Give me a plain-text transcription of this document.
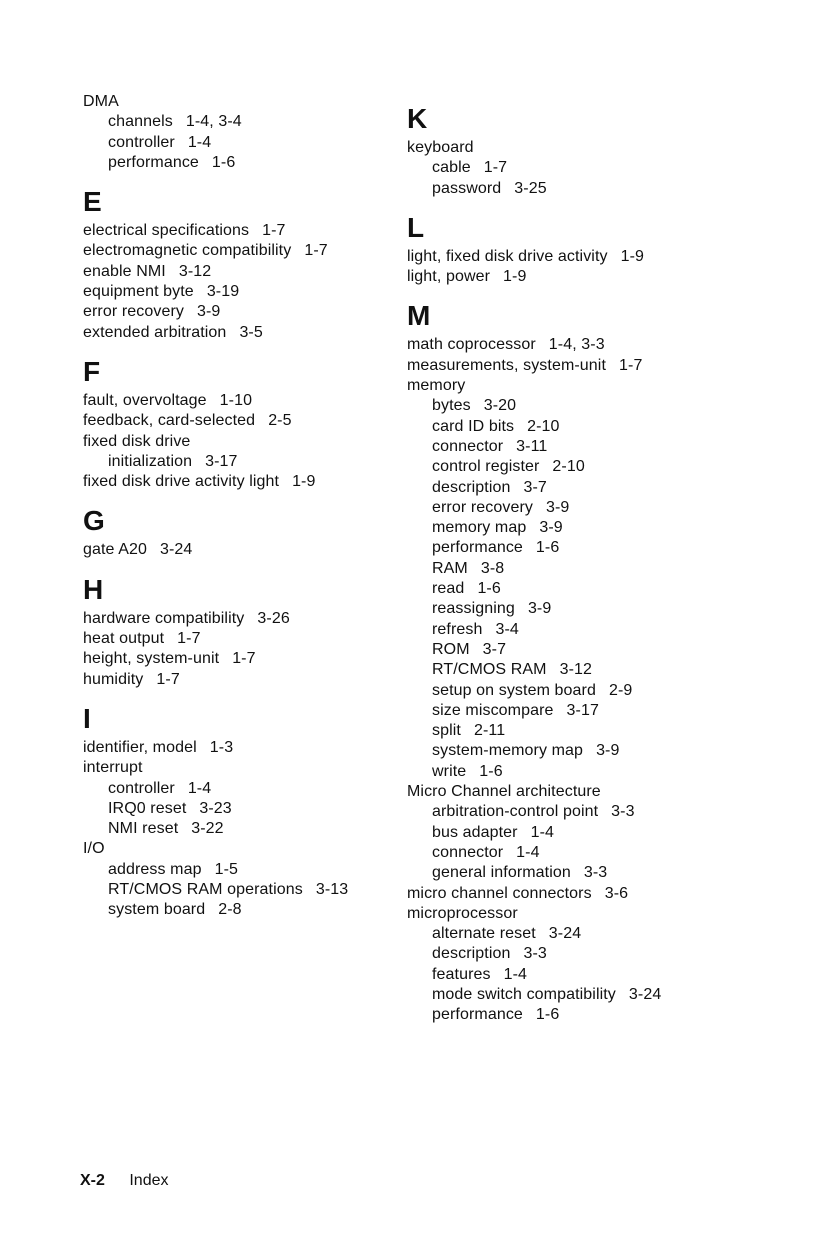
DMA
channels 1-4, 3-4
controller 1-4
performance 1-6
E
electrical specifications 1-7
electromagnetic compatibility 1-7
enable NMI 3-12
equipment byte 3-19
error recovery 3-9
extended arbitration 3-5
F
fault, overvoltage 1-10
feedback, card-selected 2-5
fixed disk drive
initialization 3-17
fixed disk drive activity light 1-9
G
gate A20 3-24
H
hardware compatibility 3-26
heat output 1-7
height, system-unit 1-7
humidity 1-7
I
identifier, model 1-3
interrupt
controller 1-4
IRQ0 reset 3-23
NMI reset 3-22
I/O
address map 1-5
RT/CMOS RAM operations 3-13
system board 2-8
K
keyboard
cable 1-7
password 3-25
L
light, fixed disk drive activity 1-9
light, power 1-9
M
math coprocessor 1-4, 3-3
measurements, system-unit 1-7
memory
bytes 3-20
card ID bits 2-10
connector 3-11
control register 2-10
description 3-7
error recovery 3-9
memory map 3-9
performance 1-6
RAM 3-8
read 1-6
reassigning 3-9
refresh 3-4
ROM 3-7
RT/CMOS RAM 3-12
setup on system board 2-9
size miscompare 3-17
split 2-11
system-memory map 3-9
write 1-6
Micro Channel architecture
arbitration-control point 3-3
bus adapter 1-4
connector 1-4
general information 3-3
micro channel connectors 3-6
microprocessor
alternate reset 3-24
description 3-3
features 1-4
mode switch compatibility 3-24
performance 1-6
X-2 Index
